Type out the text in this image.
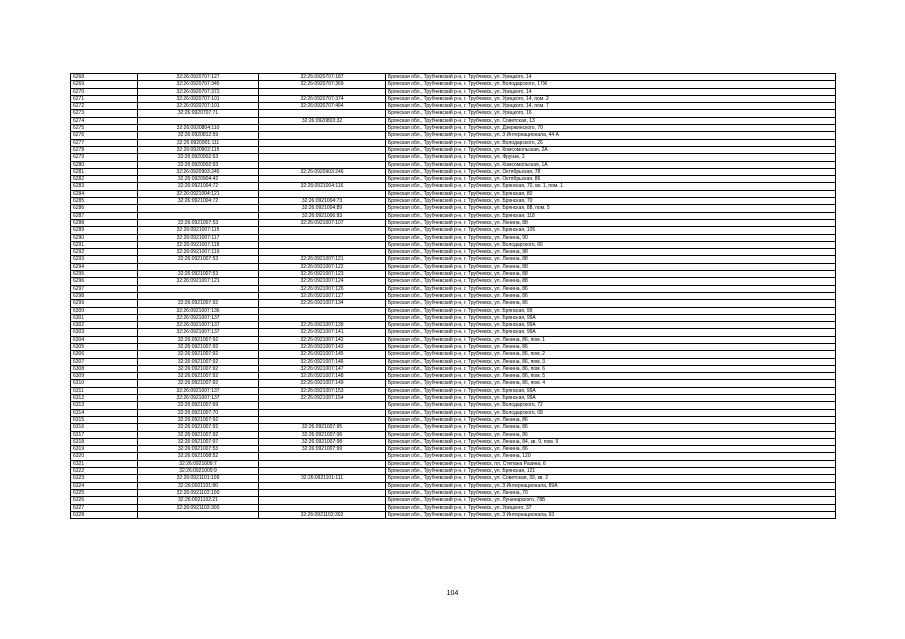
6268	32:26:0920707:127	32:26:0920707:187	Брянская обл., Трубчевский р-н, г. Трубчевск, ул. Урицкого, 14
6269	32:26:0920707:345	32:26:0920707:369	Брянская обл., Трубчевский р-н, г. Трубчевск, ул. Володарского, 17Ж
6270	32:26:0920707:372		Брянская обл., Трубчевский р-н, г. Трубчевск, ул. Урицкого, 14
6271	32:26:0920707:101	32:26:0920707:374	Брянская обл., Трубчевский р-н, г. Трубчевск, ул. Урицкого, 14, пом. 2
6272	32:26:0920707:101	32:26:0920707:464	Брянская обл., Трубчевский р-н, г. Трубчевск, ул. Урицкого, 14, пом. 7
6273	32:26:0920707:71		Брянская обл., Трубчевский р-н, г. Трубчевск, ул. Урицкого, 16
6274		32:26:0920803:32	Брянская обл., Трубчевский р-н, г. Трубчевск, ул. Советская, 13
6275	32:26:0920804:110		Брянская обл., Трубчевский р-н, г. Трубчевск, ул. Дзержинского, 70
6276	32:26:0920812:59		Брянская обл., Трубчевский р-н, г. Трубчевск, ул. 3 Интернационала, 44 А
6277	32:26:0920901:111		Брянская обл., Трубчевский р-н, г. Трубчевск, ул. Володарского, 26
6278	32:26:0920902:115		Брянская обл., Трубчевский р-н, г. Трубчевск, ул. Комсомольская, 2А
6279	32:26:0920902:63		Брянская обл., Трубчевский р-н, г. Трубчевск, ул. Фрунзе, 2
6280	32:26:0920902:93		Брянская обл., Трубчевский р-н, г. Трубчевск, ул. Комсомольская, 1А
6281	32:26:0920903:245	32:26:0920903:246	Брянская обл., Трубчевский р-н, г. Трубчевск, ул. Октябрьская, 78
6282	32:26:0920904:42		Брянская обл., Трубчевский р-н, г. Трубчевск, ул. Октябрьская, 86
6283	32:26:0921004:72	32:26:0921004:116	Брянская обл., Трубчевский р-н, г. Трубчевск, ул. Брянская, 70, кв. 1, пом. 1
6284	32:26:0921004:121		Брянская обл., Трубчевский р-н, г. Трубчевск, ул. Брянская, 80
6285	32:26:0921004:72	32:26:0921004:73	Брянская обл., Трубчевский р-н, г. Трубчевск, ул. Брянская, 70
6286		32:26:0921004:89	Брянская обл., Трубчевский р-н, г. Трубчевск, ул. Брянская, 88, пом. 5
6287		32:26:0921006:93	Брянская обл., Трубчевский р-н, г. Трубчевск, ул. Брянская, 118
6288	32:26:0921007:53	32:26:0921007:107	Брянская обл., Трубчевский р-н, г. Трубчевск, ул. Ленина, 88
6289	32:26:0921007:115		Брянская обл., Трубчевский р-н, г. Трубчевск, ул. Брянская, 105
6290	32:26:0921007:117		Брянская обл., Трубчевский р-н, г. Трубчевск, ул. Ленина, 90
6291	32:26:0921007:118		Брянская обл., Трубчевский р-н, г. Трубчевск, ул. Володарского, 66
6292	32:26:0921007:119		Брянская обл., Трубчевский р-н, г. Трубчевск, ул. Ленина, 98
6293	32:26:0921007:53	32:26:0921007:121	Брянская обл., Трубчевский р-н, г. Трубчевск, ул. Ленина, 88
6294		32:26:0921007:122	Брянская обл., Трубчевский р-н, г. Трубчевск, ул. Ленина, 88
6295	32:26:0921007:53	32:26:0921007:123	Брянская обл., Трубчевский р-н, г. Трубчевск, ул. Ленина, 88
6296	32:26:0921007:121	32:26:0921007:124	Брянская обл., Трубчевский р-н, г. Трубчевск, ул. Ленина, 88
6297		32:26:0921007:126	Брянская обл., Трубчевский р-н, г. Трубчевск, ул. Ленина, 86
6298		32:26:0921007:127	Брянская обл., Трубчевский р-н, г. Трубчевск, ул. Ленина, 86
6299	32:26:0921007:92	32:26:0921007:134	Брянская обл., Трубчевский р-н, г. Трубчевск, ул. Ленина, 86
6300	32:26:0921007:136		Брянская обл., Трубчевский р-н, г. Трубчевск, ул. Брянская, 99
6301	32:26:0921007:137		Брянская обл., Трубчевский р-н, г. Трубчевск, ул. Брянская, 99А
6302	32:26:0921007:137	32:26:0921007:139	Брянская обл., Трубчевский р-н, г. Трубчевск, ул. Брянская, 99А
6303	32:26:0921007:137	32:26:0921007:141	Брянская обл., Трубчевский р-н, г. Трубчевск, ул. Брянская, 99А
6304	32:26:0921007:92	32:26:0921007:142	Брянская обл., Трубчевский р-н, г. Трубчевск, ул. Ленина, 86, пом. 1
6305	32:26:0921007:92	32:26:0921007:143	Брянская обл., Трубчевский р-н, г. Трубчевск, ул. Ленина, 86
6306	32:26:0921007:92	32:26:0921007:145	Брянская обл., Трубчевский р-н, г. Трубчевск, ул. Ленина, 86, пом. 2
6307	32:26:0921007:92	32:26:0921007:146	Брянская обл., Трубчевский р-н, г. Трубчевск, ул. Ленина, 86, пом. 3
6308	32:26:0921007:92	32:26:0921007:147	Брянская обл., Трубчевский р-н, г. Трубчевск, ул. Ленина, 86, пом. 6
6309	32:26:0921007:92	32:26:0921007:148	Брянская обл., Трубчевский р-н, г. Трубчевск, ул. Ленина, 86, пом. 5
6310	32:26:0921007:92	32:26:0921007:149	Брянская обл., Трубчевский р-н, г. Трубчевск, ул. Ленина, 86, пом. 4
6311	32:26:0921007:137	32:26:0921007:153	Брянская обл., Трубчевский р-н, г. Трубчевск, ул. Брянская, 99А
6312	32:26:0921007:137	32:26:0921007:154	Брянская обл., Трубчевский р-н, г. Трубчевск, ул. Брянская, 99А
6313	32:26:0921007:69		Брянская обл., Трубчевский р-н, г. Трубчевск, ул. Володарского, 72
6314	32:26:0921007:70		Брянская обл., Трубчевский р-н, г. Трубчевск, ул. Володарского, 68
6315	32:26:0921007:92		Брянская обл., Трубчевский р-н, г. Трубчевск, ул. Ленина, 86
6316	32:26:0921007:92	32:26:0921007:95	Брянская обл., Трубчевский р-н, г. Трубчевск, ул. Ленина, 86
6317	32:26:0921007:92	32:26:0921007:96	Брянская обл., Трубчевский р-н, г. Трубчевск, ул. Ленина, 86
6318	32:26:0921007:97	32:26:0921007:98	Брянская обл., Трубчевский р-н, г. Трубчевск, ул. Ленина, 84, кв. 9, пом. 9
6319	32:26:0921007:53	32:26:0921007:99	Брянская обл., Трубчевский р-н, г. Трубчевск, ул. Ленина, 86
6320	32:26:0921008:52		Брянская обл., Трубчевский р-н, г. Трубчевск, ул. Ленина, 120
6321	32:26:0921009:7		Брянская обл., Трубчевский р-н, г. Трубчевск, пл. Степана Разина, 6
6322	32:26:0921009:9		Брянская обл., Трубчевский р-н, г. Трубчевск, ул. Брянская, 121
6323	32:26:0921101:109	32:26:0921101:111	Брянская обл., Трубчевский р-н, г. Трубчевск, ул. Советская, 39, кв. 2
6324	32:26:0921101:80		Брянская обл., Трубчевский р-н, г. Трубчевск, ул. 3 Интернационала, 89А
6325	32:26:0921102:100		Брянская обл., Трубчевский р-н, г. Трубчевск, ул. Ленина, 70
6326	32:26:0921102:21		Брянская обл., Трубчевский р-н, г. Трубчевск, ул. Луначарского, 78Б
6327	32:26:0921102:300		Брянская обл., Трубчевский р-н, г. Трубчевск, ул. Урицкого, 37
6328		32:26:0921102:302	Брянская обл., Трубчевский р-н, г. Трубчевск, ул. 3 Интернационала, 93
104
